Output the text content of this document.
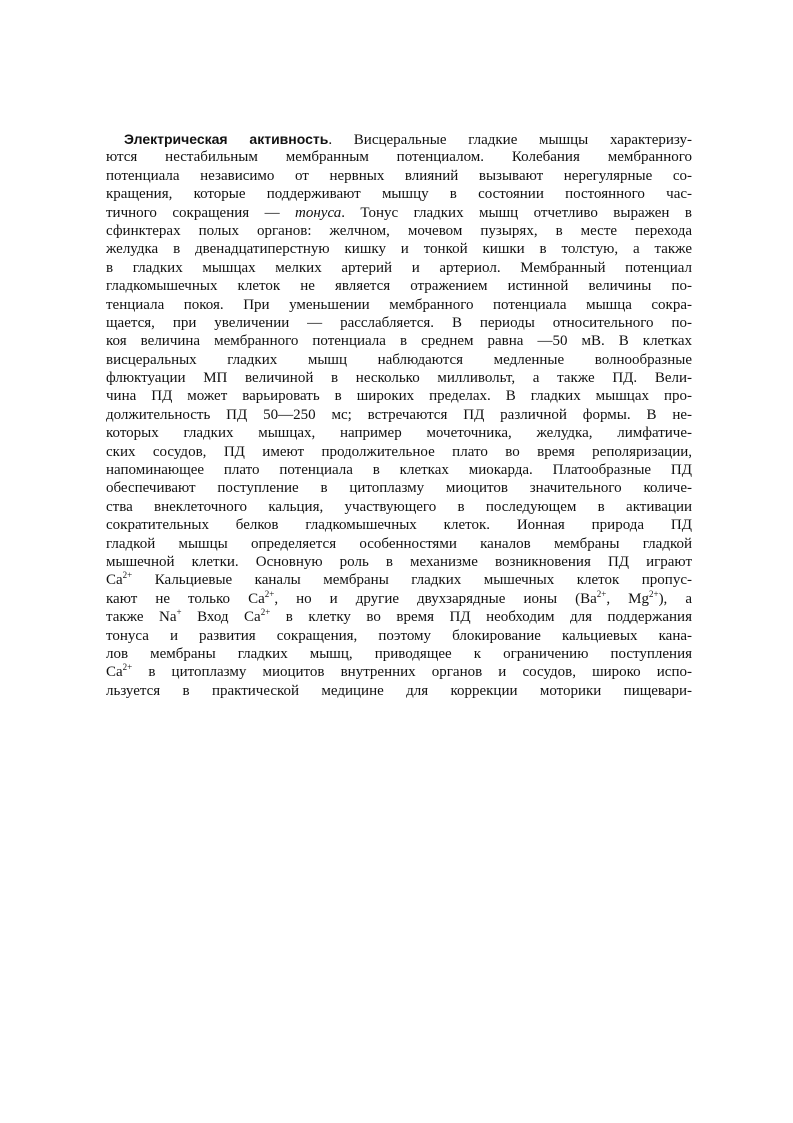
Электрическая активность. Висцеральные гладкие мышцы характеризу-
ются нестабильным мембранным потенциалом. Колебания мембранного
потенциала независимо от нервных влияний вызывают нерегулярные со-
кращения, которые поддерживают мышцу в состоянии постоянного час-
тичного сокращения — тонуса. Тонус гладких мышц отчетливо выражен в
сфинктерах полых органов: желчном, мочевом пузырях, в месте перехода
желудка в двенадцатиперстную кишку и тонкой кишки в толстую, а также
в гладких мышцах мелких артерий и артериол. Мембранный потенциал
гладкомышечных клеток не является отражением истинной величины по-
тенциала покоя. При уменьшении мембранного потенциала мышца сокра-
щается, при увеличении — расслабляется. В периоды относительного по-
коя величина мембранного потенциала в среднем равна —50 мВ. В клетках
висцеральных гладких мышц наблюдаются медленные волнообразные
флюктуации МП величиной в несколько милливольт, а также ПД. Вели-
чина ПД может варьировать в широких пределах. В гладких мышцах про-
должительность ПД 50—250 мс; встречаются ПД различной формы. В не-
которых гладких мышцах, например мочеточника, желудка, лимфатиче-
ских сосудов, ПД имеют продолжительное плато во время реполяризации,
напоминающее плато потенциала в клетках миокарда. Платообразные ПД
обеспечивают поступление в цитоплазму миоцитов значительного количе-
ства внеклеточного кальция, участвующего в последующем в активации
сократительных белков гладкомышечных клеток. Ионная природа ПД
гладкой мышцы определяется особенностями каналов мембраны гладкой
мышечной клетки. Основную роль в механизме возникновения ПД играют
$Са^{2+}$ Кальциевые каналы мембраны гладких мышечных клеток пропус-
кают не только $Са^{2+}$, но и другие двухзарядные ионы ($Ва^{2+}$, $Mg^{2+}$), а
также Na+ Вход $Са^{2+}$ в клетку во время ПД необходим для поддержания
тонуса и развития сокращения, поэтому блокирование кальциевых кана-
лов мембраны гладких мышц, приводящее к ограничению поступления
$Са^{2+}$ в цитоплазму миоцитов внутренних органов и сосудов, широко испо-
льзуется в практической медицине для коррекции моторики пищевари-
